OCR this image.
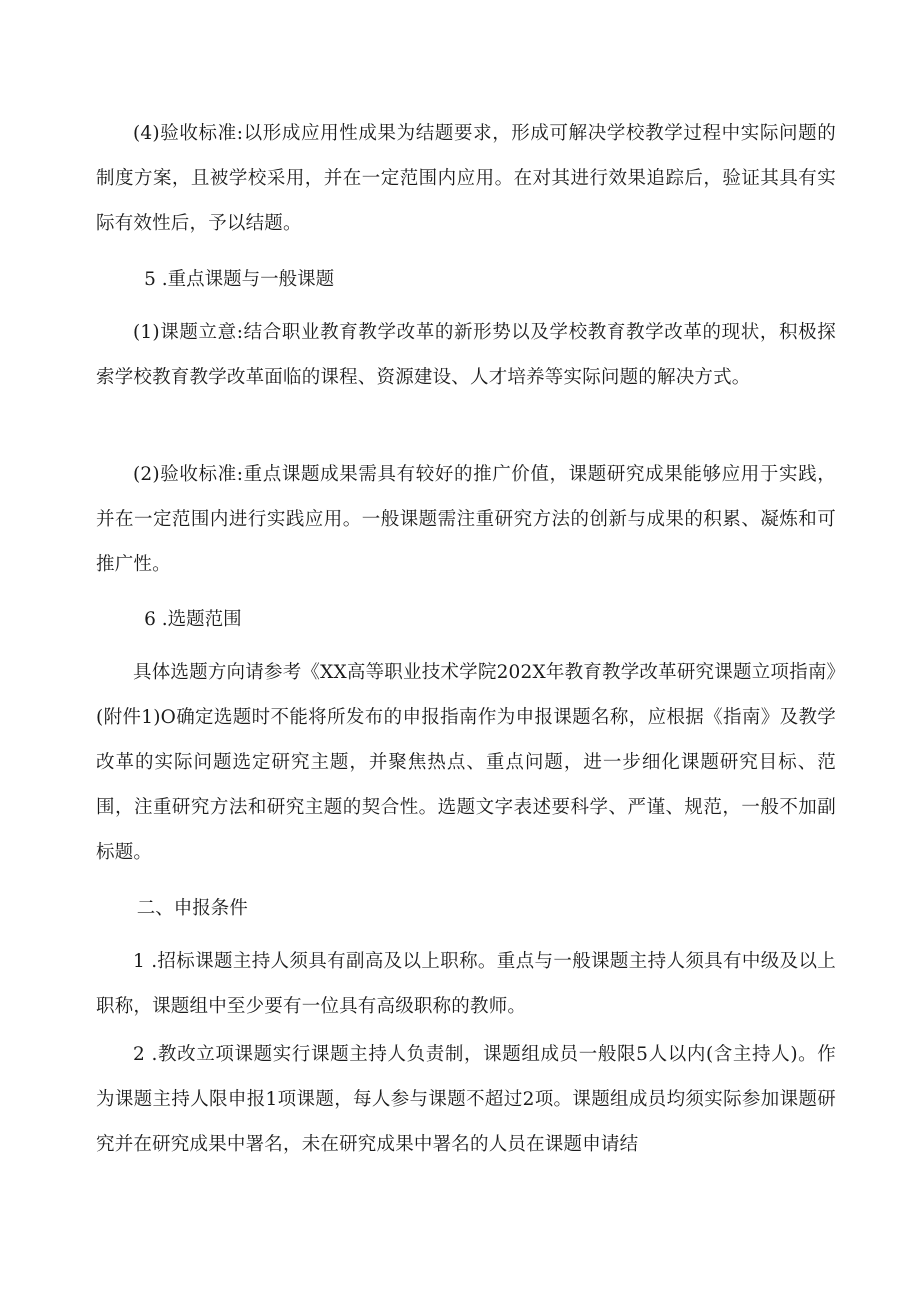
(4)验收标准:以形成应用性成果为结题要求，形成可解决学校教学过程中实际问题的制度方案，且被学校采用，并在一定范围内应用。在对其进行效果追踪后，验证其具有实际有效性后，予以结题。

5 .重点课题与一般课题

(1)课题立意:结合职业教育教学改革的新形势以及学校教育教学改革的现状，积极探索学校教育教学改革面临的课程、资源建设、人才培养等实际问题的解决方式。

(2)验收标准:重点课题成果需具有较好的推广价值，课题研究成果能够应用于实践，并在一定范围内进行实践应用。一般课题需注重研究方法的创新与成果的积累、凝炼和可推广性。

6 .选题范围

具体选题方向请参考《XX高等职业技术学院202X年教育教学改革研究课题立项指南》(附件1)O确定选题时不能将所发布的申报指南作为申报课题名称，应根据《指南》及教学改革的实际问题选定研究主题，并聚焦热点、重点问题，进一步细化课题研究目标、范围，注重研究方法和研究主题的契合性。选题文字表述要科学、严谨、规范，一般不加副标题。

二、申报条件

1 .招标课题主持人须具有副高及以上职称。重点与一般课题主持人须具有中级及以上职称，课题组中至少要有一位具有高级职称的教师。

2 .教改立项课题实行课题主持人负责制，课题组成员一般限5人以内(含主持人)。作为课题主持人限申报1项课题，每人参与课题不超过2项。课题组成员均须实际参加课题研究并在研究成果中署名，未在研究成果中署名的人员在课题申请结
